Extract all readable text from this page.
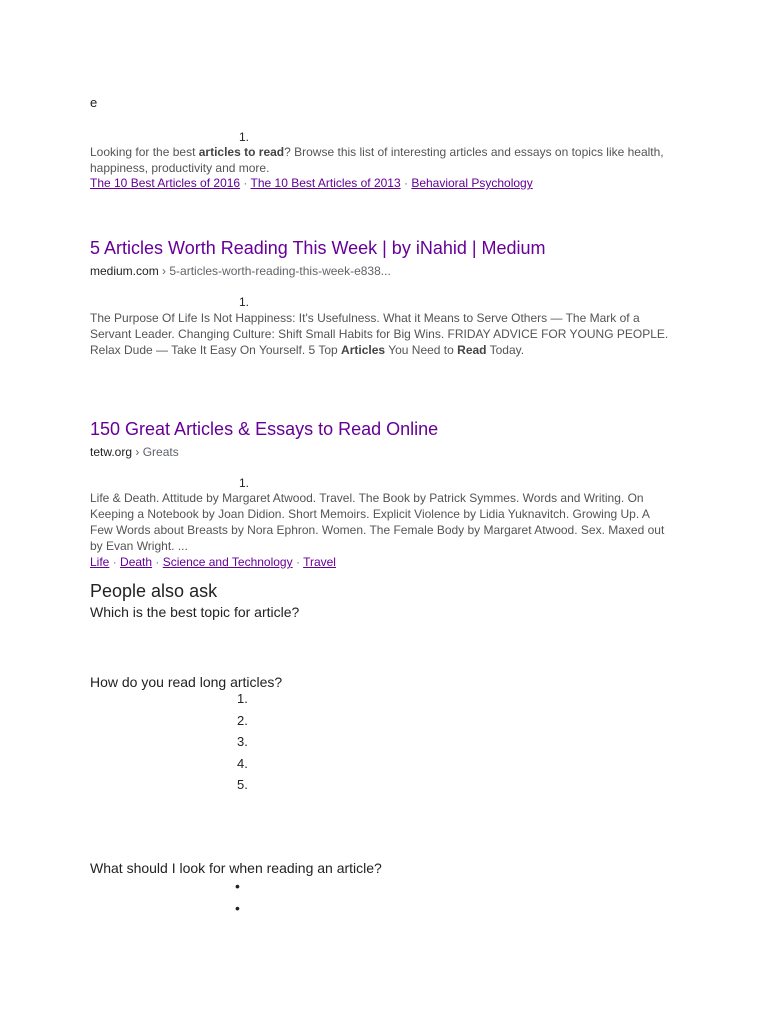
e
1.
Looking for the best articles to read? Browse this list of interesting articles and essays on topics like health, happiness, productivity and more.
The 10 Best Articles of 2016 · The 10 Best Articles of 2013 · Behavioral Psychology
5 Articles Worth Reading This Week | by iNahid | Medium
medium.com › 5-articles-worth-reading-this-week-e838...
1.
The Purpose Of Life Is Not Happiness: It's Usefulness. What it Means to Serve Others — The Mark of a Servant Leader. Changing Culture: Shift Small Habits for Big Wins. FRIDAY ADVICE FOR YOUNG PEOPLE. Relax Dude — Take It Easy On Yourself. 5 Top Articles You Need to Read Today.
150 Great Articles & Essays to Read Online
tetw.org › Greats
1.
Life & Death. Attitude by Margaret Atwood. Travel. The Book by Patrick Symmes. Words and Writing. On Keeping a Notebook by Joan Didion. Short Memoirs. Explicit Violence by Lidia Yuknavitch. Growing Up. A Few Words about Breasts by Nora Ephron. Women. The Female Body by Margaret Atwood. Sex. Maxed out by Evan Wright. ...
Life · Death · Science and Technology · Travel
People also ask
Which is the best topic for article?
How do you read long articles?
1.
2.
3.
4.
5.
What should I look for when reading an article?
•
•
